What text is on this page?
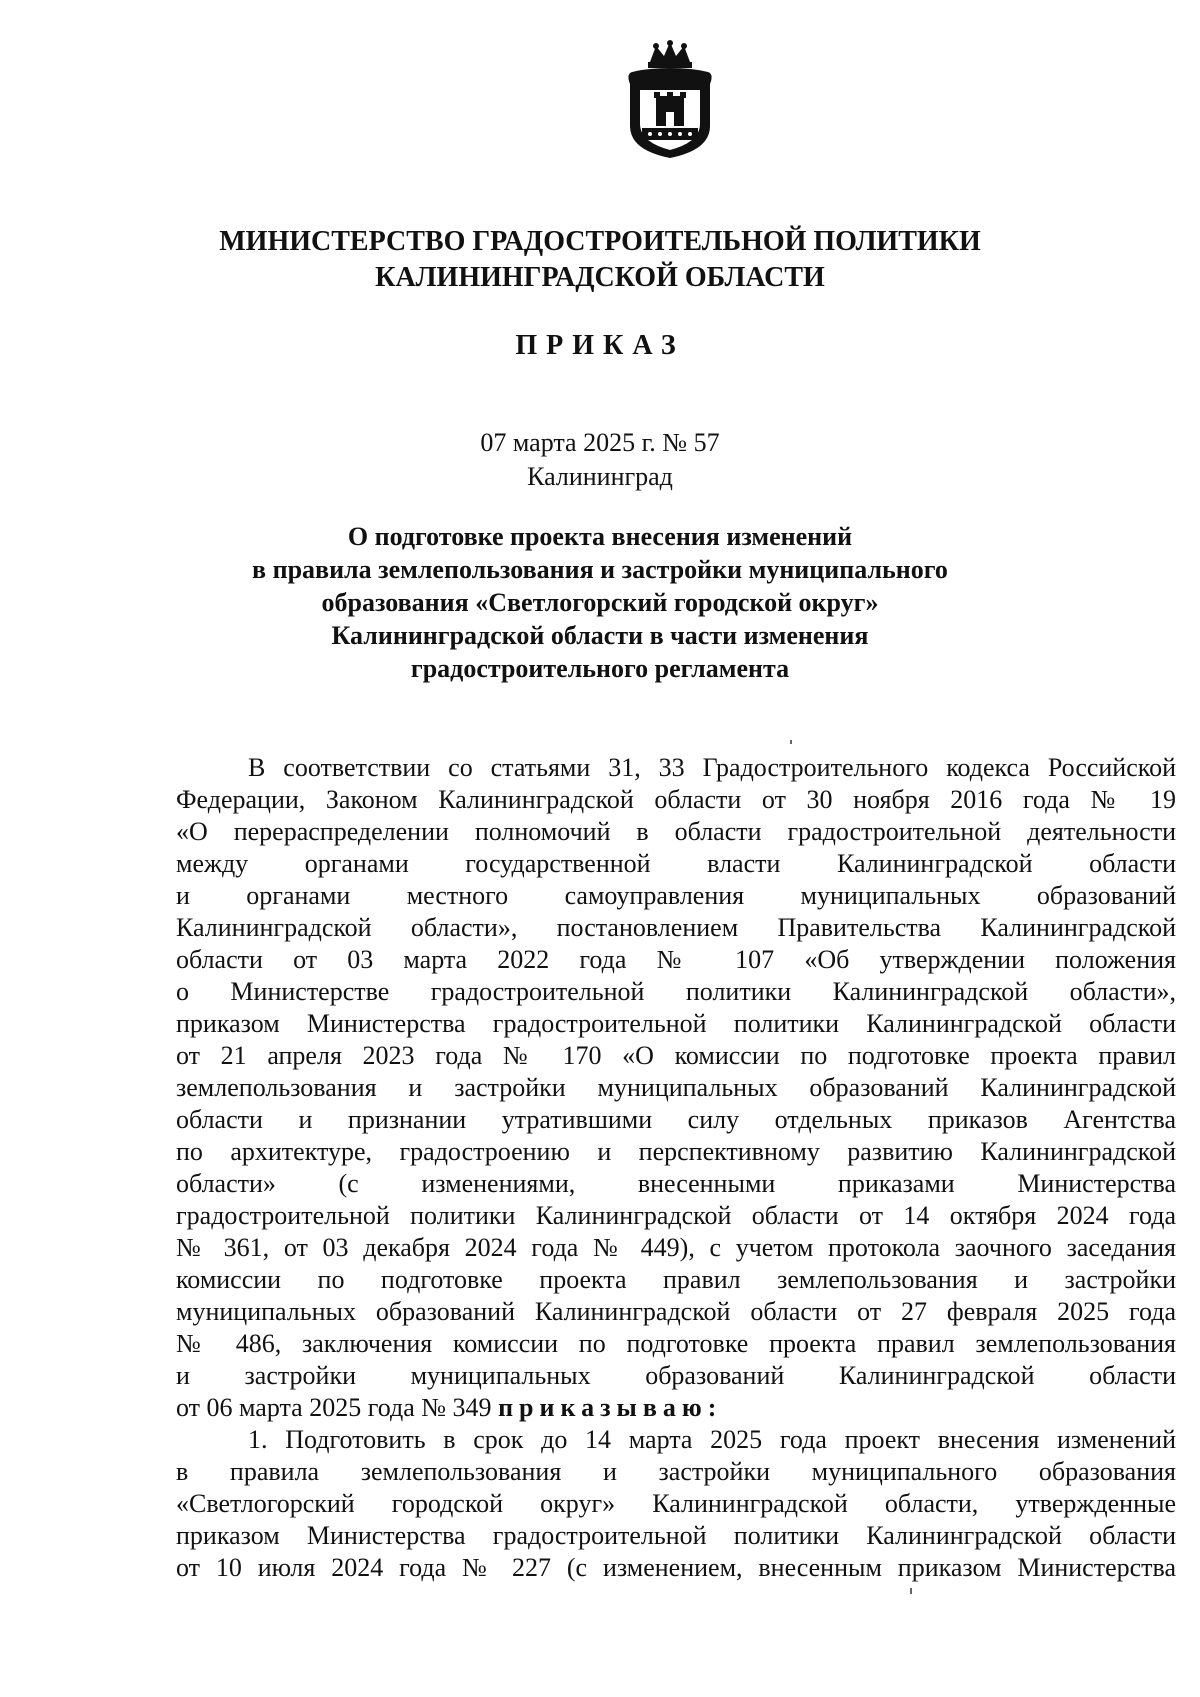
МИНИСТЕРСТВО ГРАДОСТРОИТЕЛЬНОЙ ПОЛИТИКИ
КАЛИНИНГРАДСКОЙ ОБЛАСТИ
ПРИКАЗ
07 марта 2025 г. № 57
Калининград
О подготовке проекта внесения изменений
в правила землепользования и застройки муниципального
образования «Светлогорский городской округ»
Калининградской области в части изменения
градостроительного регламента
В соответствии со статьями 31, 33 Градостроительного кодекса Российской
Федерации, Законом Калининградской области от 30 ноября 2016 года № 19
«О перераспределении полномочий в области градостроительной деятельности
между органами государственной власти Калининградской области
и органами местного самоуправления муниципальных образований
Калининградской области», постановлением Правительства Калининградской
области от 03 марта 2022 года № 107 «Об утверждении положения
о Министерстве градостроительной политики Калининградской области»,
приказом Министерства градостроительной политики Калининградской области
от 21 апреля 2023 года № 170 «О комиссии по подготовке проекта правил
землепользования и застройки муниципальных образований Калининградской
области и признании утратившими силу отдельных приказов Агентства
по архитектуре, градостроению и перспективному развитию Калининградской
области» (с изменениями, внесенными приказами Министерства
градостроительной политики Калининградской области от 14 октября 2024 года
№ 361, от 03 декабря 2024 года № 449), с учетом протокола заочного заседания
комиссии по подготовке проекта правил землепользования и застройки
муниципальных образований Калининградской области от 27 февраля 2025 года
№ 486, заключения комиссии по подготовке проекта правил землепользования
и застройки муниципальных образований Калининградской области
от 06 марта 2025 года № 349 приказываю:
1. Подготовить в срок до 14 марта 2025 года проект внесения изменений
в правила землепользования и застройки муниципального образования
«Светлогорский городской округ» Калининградской области, утвержденные
приказом Министерства градостроительной политики Калининградской области
от 10 июля 2024 года № 227 (с изменением, внесенным приказом Министерства
